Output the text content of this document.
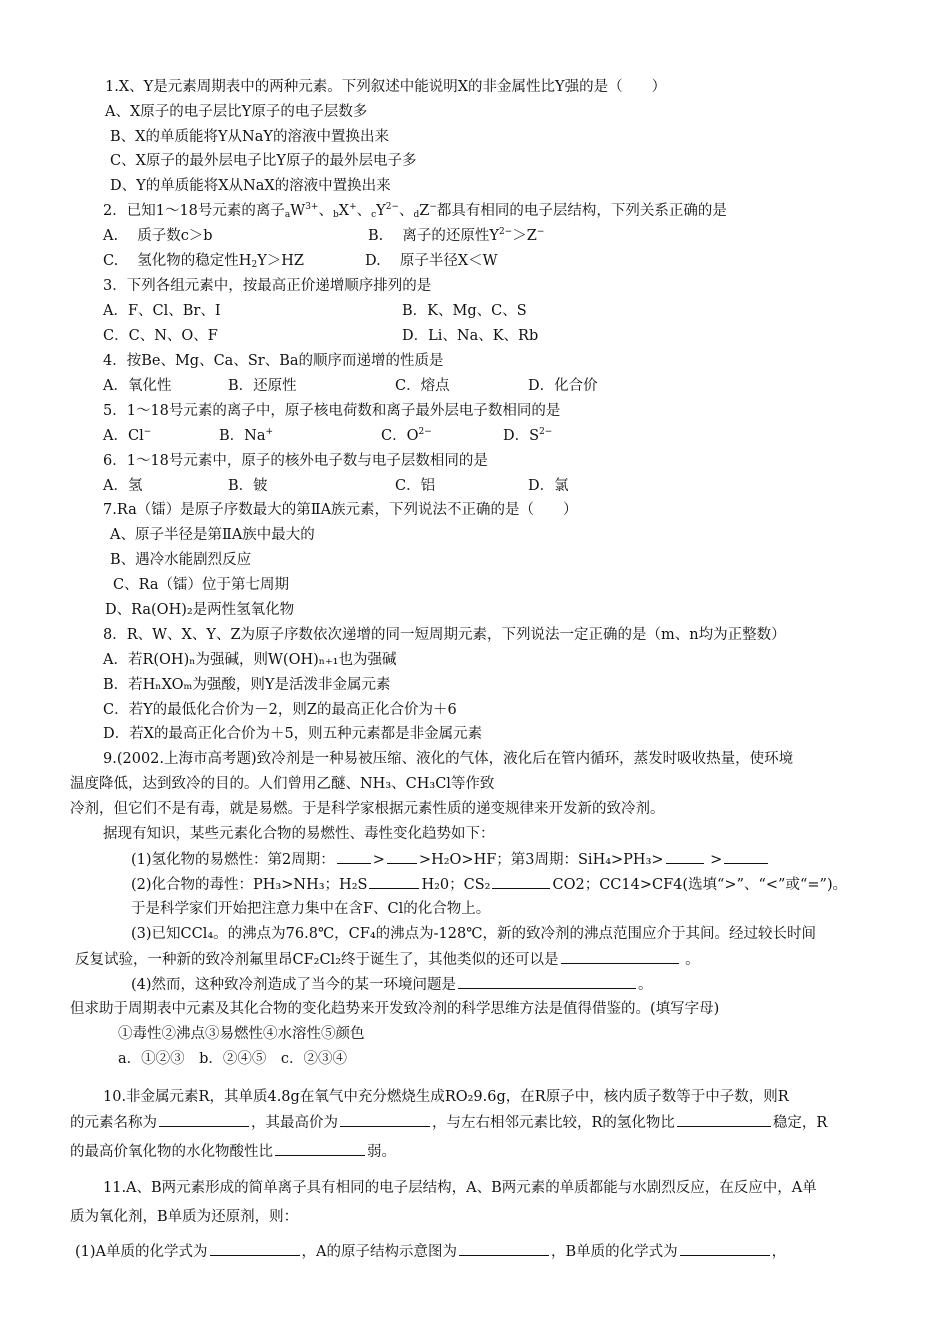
1.X、Y是元素周期表中的两种元素。下列叙述中能说明X的非金属性比Y强的是（　　）
A、X原子的电子层比Y原子的电子层数多
B、X的单质能将Y从NaY的溶液中置换出来
C、X原子的最外层电子比Y原子的最外层电子多
D、Y的单质能将X从NaX的溶液中置换出来
2．已知1～18号元素的离子$_aW^{3+}$、$_b$X+、$_cY^{2-}$、$_d$Z−都具有相同的电子层结构，下列关系正确的是
A.　 质子数c＞b	B.　 离子的还原性$Y^{2-}>Z^-$
C.　 氢化物的稳定性$H_2Y>HZ$	D.　 原子半径X＜W
3．下列各组元素中，按最高正价递增顺序排列的是
A．F、Cl、Br、I	B．K、Mg、C、S
C．C、N、O、F	D．Li、Na、K、Rb
4．按Be、Mg、Ca、Sr、Ba的顺序而递增的性质是
A．氧化性	B．还原性	C．熔点	D．化合价
5．1～18号元素的离子中，原子核电荷数和离子最外层电子数相同的是
A．Cl−	B．Na+	C．$O^{2-}$	D．$S^{2-}$
6．1～18号元素中，原子的核外电子数与电子层数相同的是
A．氢	B．铍	C．铝	D．氯
7.Ra（镭）是原子序数最大的第ⅡA族元素，下列说法不正确的是（　　）
A、原子半径是第ⅡA族中最大的
B、遇冷水能剧烈反应
C、Ra（镭）位于第七周期
D、Ra(OH)₂是两性氢氧化物
8．R、W、X、Y、Z为原子序数依次递增的同一短周期元素，下列说法一定正确的是（m、n均为正整数）
A．若R(OH)ₙ为强碱，则W(OH)ₙ₊₁也为强碱
B．若HₙXOₘ为强酸，则Y是活泼非金属元素
C．若Y的最低化合价为－2，则Z的最高正化合价为＋6
D．若X的最高正化合价为＋5，则五种元素都是非金属元素
9.(2002.上海市高考题)致冷剂是一种易被压缩、液化的气体，液化后在管内循环，蒸发时吸收热量，使环境
温度降低，达到致冷的目的。人们曾用乙醚、NH₃、CH₃Cl等作致
冷剂，但它们不是有毒，就是易燃。于是科学家根据元素性质的递变规律来开发新的致冷剂。
据现有知识，某些元素化合物的易燃性、毒性变化趋势如下：
(1)氢化物的易燃性：第2周期：	> >H₂O>HF；第3周期：SiH₄>PH₃>	>
(2)化合物的毒性：PH₃>NH₃；H₂S	H₂0；CS₂	CO2；CC14>CF4(选填“>”、“<”或“=”)。
于是科学家们开始把注意力集中在含F、Cl的化合物上。
(3)已知CCl₄。的沸点为76.8℃，CF₄的沸点为-128℃，新的致冷剂的沸点范围应介于其间。经过较长时间
反复试验，一种新的致冷剂氟里昂CF₂Cl₂终于诞生了，其他类似的还可以是	。
(4)然而，这种致冷剂造成了当今的某一环境问题是	。
但求助于周期表中元素及其化合物的变化趋势来开发致冷剂的科学思维方法是值得借鉴的。(填写字母)
①毒性②沸点③易燃性④水溶性⑤颜色
a．①②③　b．②④⑤　c．②③④
10.非金属元素R，其单质4.8g在氧气中充分燃烧生成RO₂9.6g，在R原子中，核内质子数等于中子数，则R
的元素名称为	，其最高价为	，与左右相邻元素比较，R的氢化物比	稳定，R
的最高价氧化物的水化物酸性比	弱。
11.A、B两元素形成的简单离子具有相同的电子层结构，A、B两元素的单质都能与水剧烈反应，在反应中，A单
质为氧化剂，B单质为还原剂，则：
(1)A单质的化学式为	，A的原子结构示意图为	，B单质的化学式为	，
